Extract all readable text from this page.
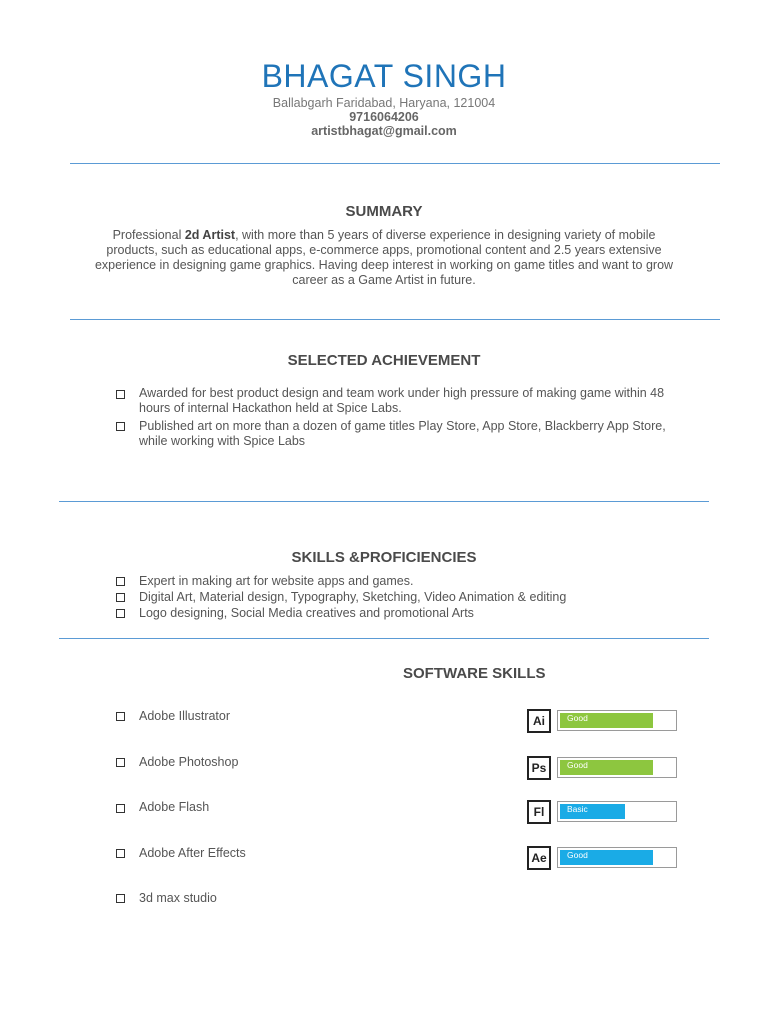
BHAGAT SINGH
Ballabgarh Faridabad, Haryana, 121004
9716064206
artistbhagat@gmail.com
SUMMARY
Professional 2d Artist, with more than 5 years of diverse experience in designing variety of mobile products, such as educational apps, e-commerce apps, promotional content and 2.5 years extensive experience in designing game graphics. Having deep interest in working on game titles and want to grow career as a Game Artist in future.
SELECTED ACHIEVEMENT
Awarded for best product design and team work under high pressure of making game within 48 hours of internal Hackathon held at Spice Labs.
Published art on more than a dozen of game titles Play Store, App Store, Blackberry App Store, while working with Spice Labs
SKILLS &PROFICIENCIES
Expert in making art for website apps and games.
Digital Art, Material design, Typography, Sketching, Video Animation & editing
Logo designing, Social Media creatives and promotional Arts
SOFTWARE SKILLS
Adobe Illustrator	Ai	Good
Adobe Photoshop	Ps	Good
Adobe Flash	Fl	Basic
Adobe After Effects	Ae	Good
3d max studio
